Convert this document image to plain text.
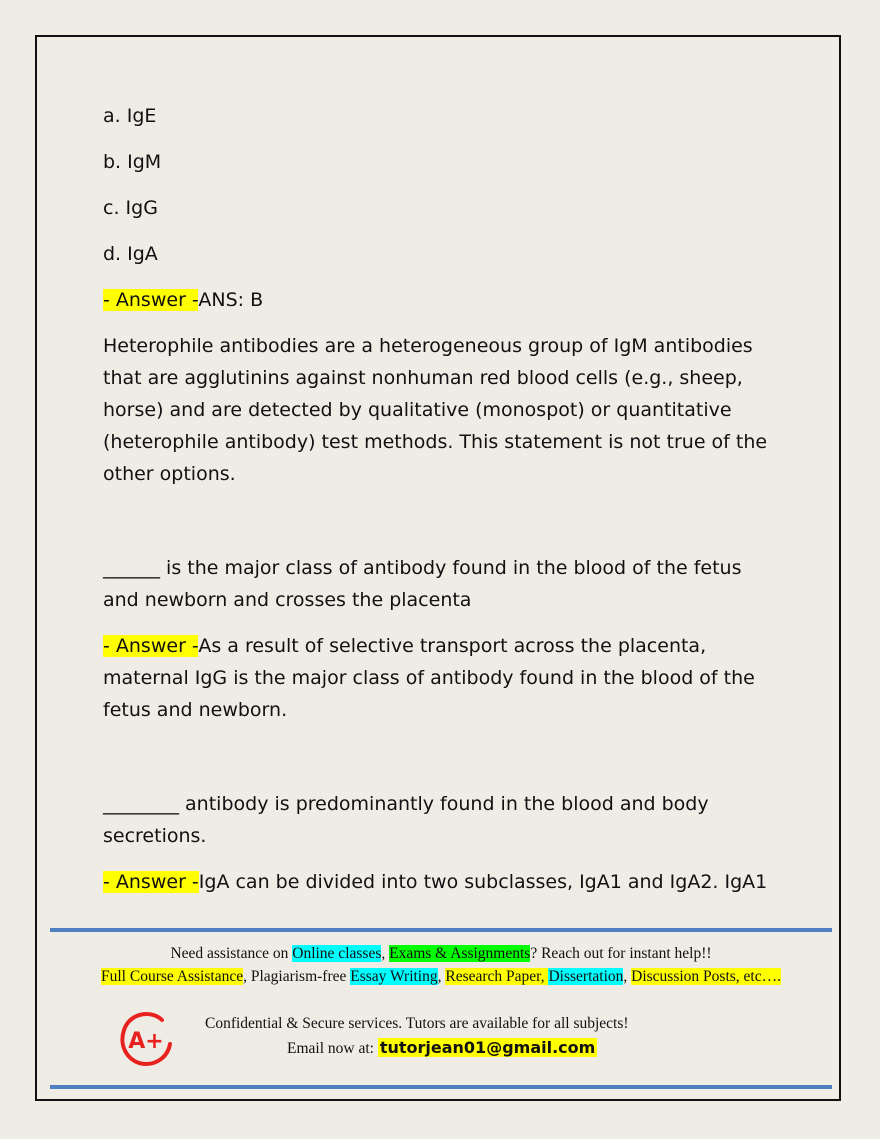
a. IgE

b. IgM

c. IgG

d. IgA

- Answer -ANS: B

Heterophile antibodies are a heterogeneous group of IgM antibodies that are agglutinins against nonhuman red blood cells (e.g., sheep, horse) and are detected by qualitative (monospot) or quantitative (heterophile antibody) test methods. This statement is not true of the other options.

______ is the major class of antibody found in the blood of the fetus and newborn and crosses the placenta

- Answer -As a result of selective transport across the placenta, maternal IgG is the major class of antibody found in the blood of the fetus and newborn.

________ antibody is predominantly found in the blood and body secretions.

- Answer -IgA can be divided into two subclasses, IgA1 and IgA2. IgA1

Need assistance on Online classes, Exams & Assignments? Reach out for instant help!!
Full Course Assistance, Plagiarism-free Essay Writing, Research Paper, Dissertation, Discussion Posts, etc….
A+
Confidential & Secure services. Tutors are available for all subjects!
Email now at: tutorjean01@gmail.com
